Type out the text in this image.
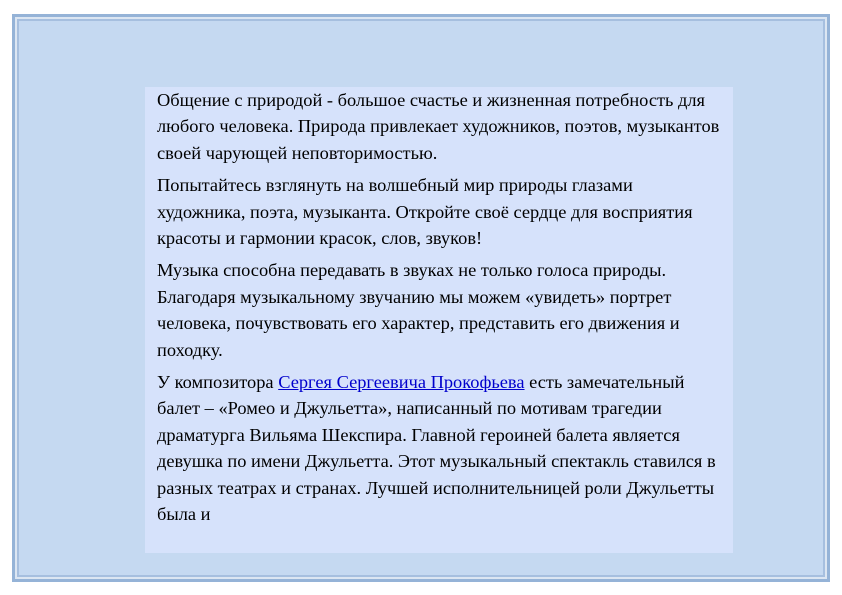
Общение с природой - большое счастье и жизненная потребность для любого человека. Природа привлекает художников, поэтов, музыкантов своей чарующей неповторимостью.

Попытайтесь взглянуть на волшебный мир природы глазами художника, поэта, музыканта. Откройте своё сердце для восприятия красоты и гармонии красок, слов, звуков!

Музыка способна передавать в звуках не только голоса природы. Благодаря музыкальному звучанию мы можем «увидеть» портрет человека, почувствовать его характер, представить его движения и походку.

У композитора Сергея Сергеевича Прокофьева есть замечательный балет – «Ромео и Джульетта», написанный по мотивам трагедии драматурга Вильяма Шекспира. Главной героиней балета является девушка по имени Джульетта. Этот музыкальный спектакль ставился в разных театрах и странах. Лучшей исполнительницей роли Джульетты была и
